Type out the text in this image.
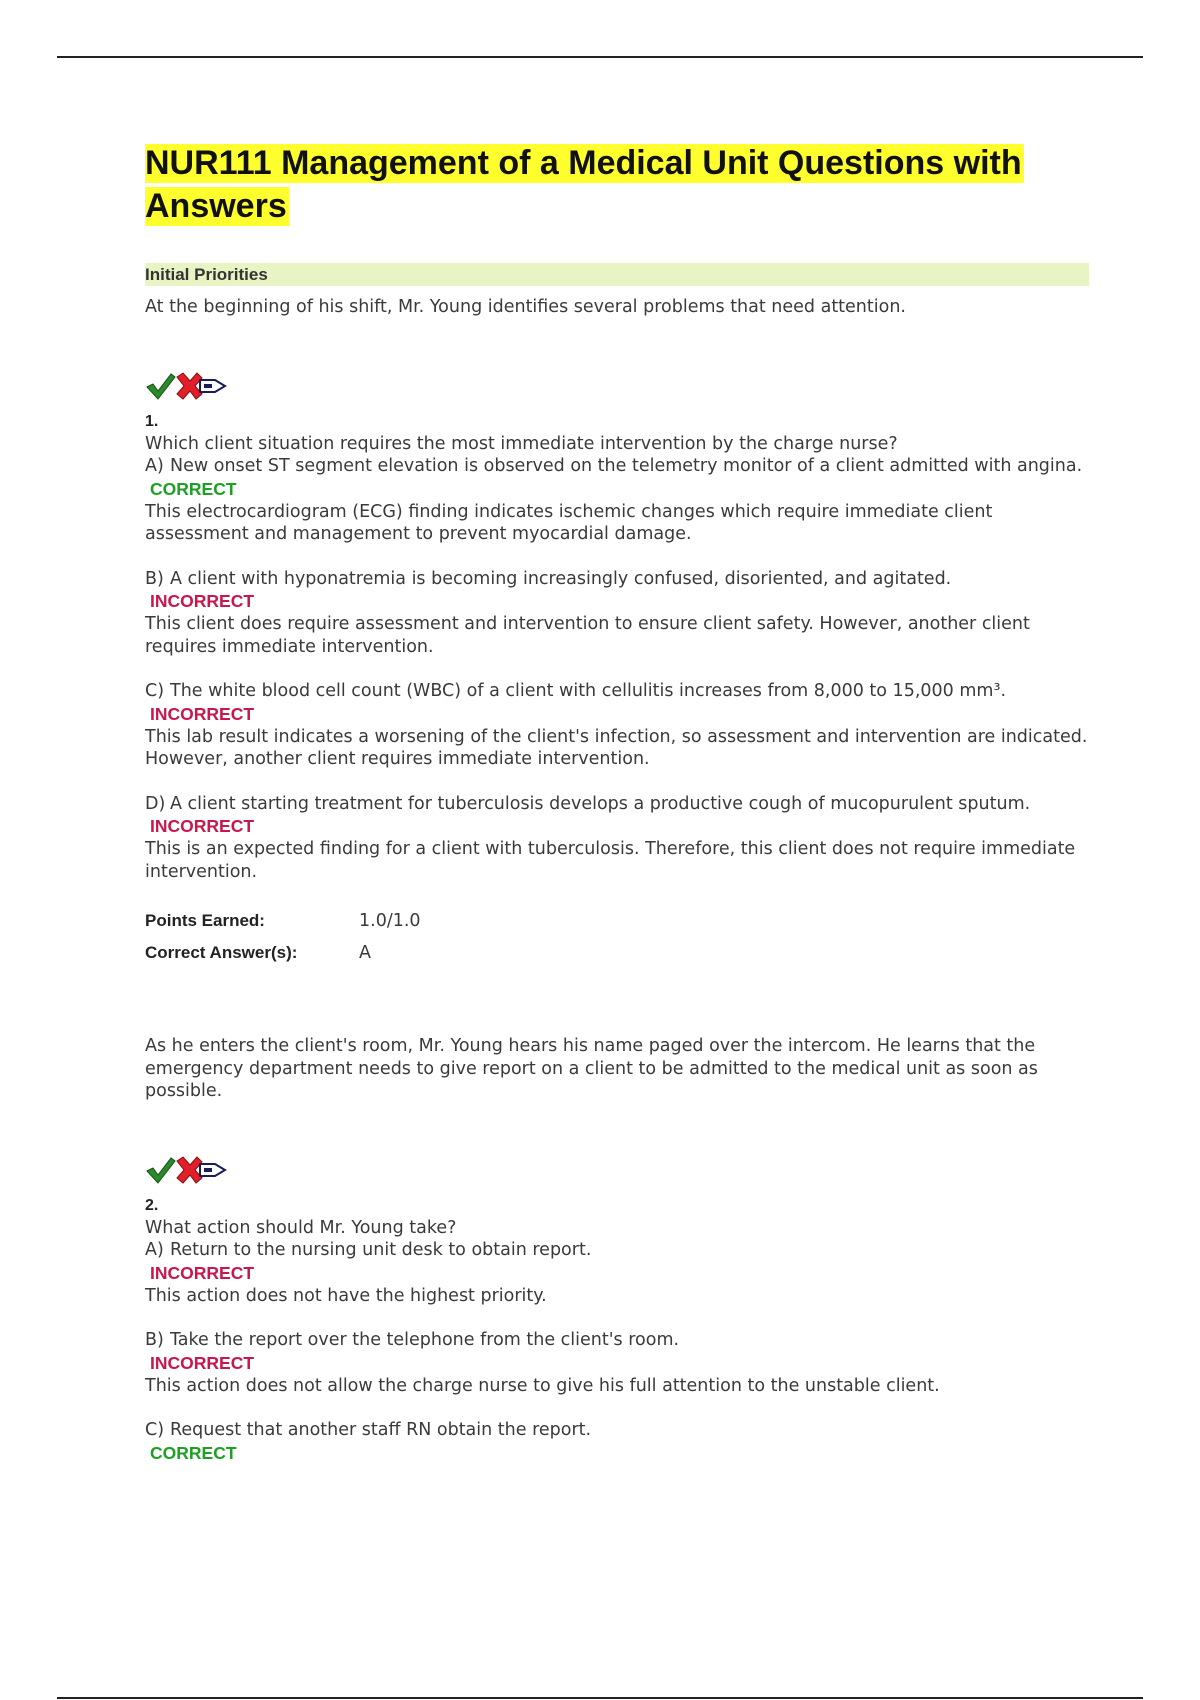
NUR111 Management of a Medical Unit Questions with Answers
Initial Priorities

At the beginning of his shift, Mr. Young identifies several problems that need attention.

1.
Which client situation requires the most immediate intervention by the charge nurse?
A) New onset ST segment elevation is observed on the telemetry monitor of a client admitted with angina.
CORRECT
This electrocardiogram (ECG) finding indicates ischemic changes which require immediate client assessment and management to prevent myocardial damage.
B) A client with hyponatremia is becoming increasingly confused, disoriented, and agitated.
INCORRECT
This client does require assessment and intervention to ensure client safety. However, another client requires immediate intervention.
C) The white blood cell count (WBC) of a client with cellulitis increases from 8,000 to 15,000 mm³.
INCORRECT
This lab result indicates a worsening of the client's infection, so assessment and intervention are indicated. However, another client requires immediate intervention.
D) A client starting treatment for tuberculosis develops a productive cough of mucopurulent sputum.
INCORRECT
This is an expected finding for a client with tuberculosis. Therefore, this client does not require immediate intervention.
Points Earned:	1.0/1.0
Correct Answer(s):	A

As he enters the client's room, Mr. Young hears his name paged over the intercom. He learns that the emergency department needs to give report on a client to be admitted to the medical unit as soon as possible.

2.
What action should Mr. Young take?
A) Return to the nursing unit desk to obtain report.
INCORRECT
This action does not have the highest priority.
B) Take the report over the telephone from the client's room.
INCORRECT
This action does not allow the charge nurse to give his full attention to the unstable client.
C) Request that another staff RN obtain the report.
CORRECT
